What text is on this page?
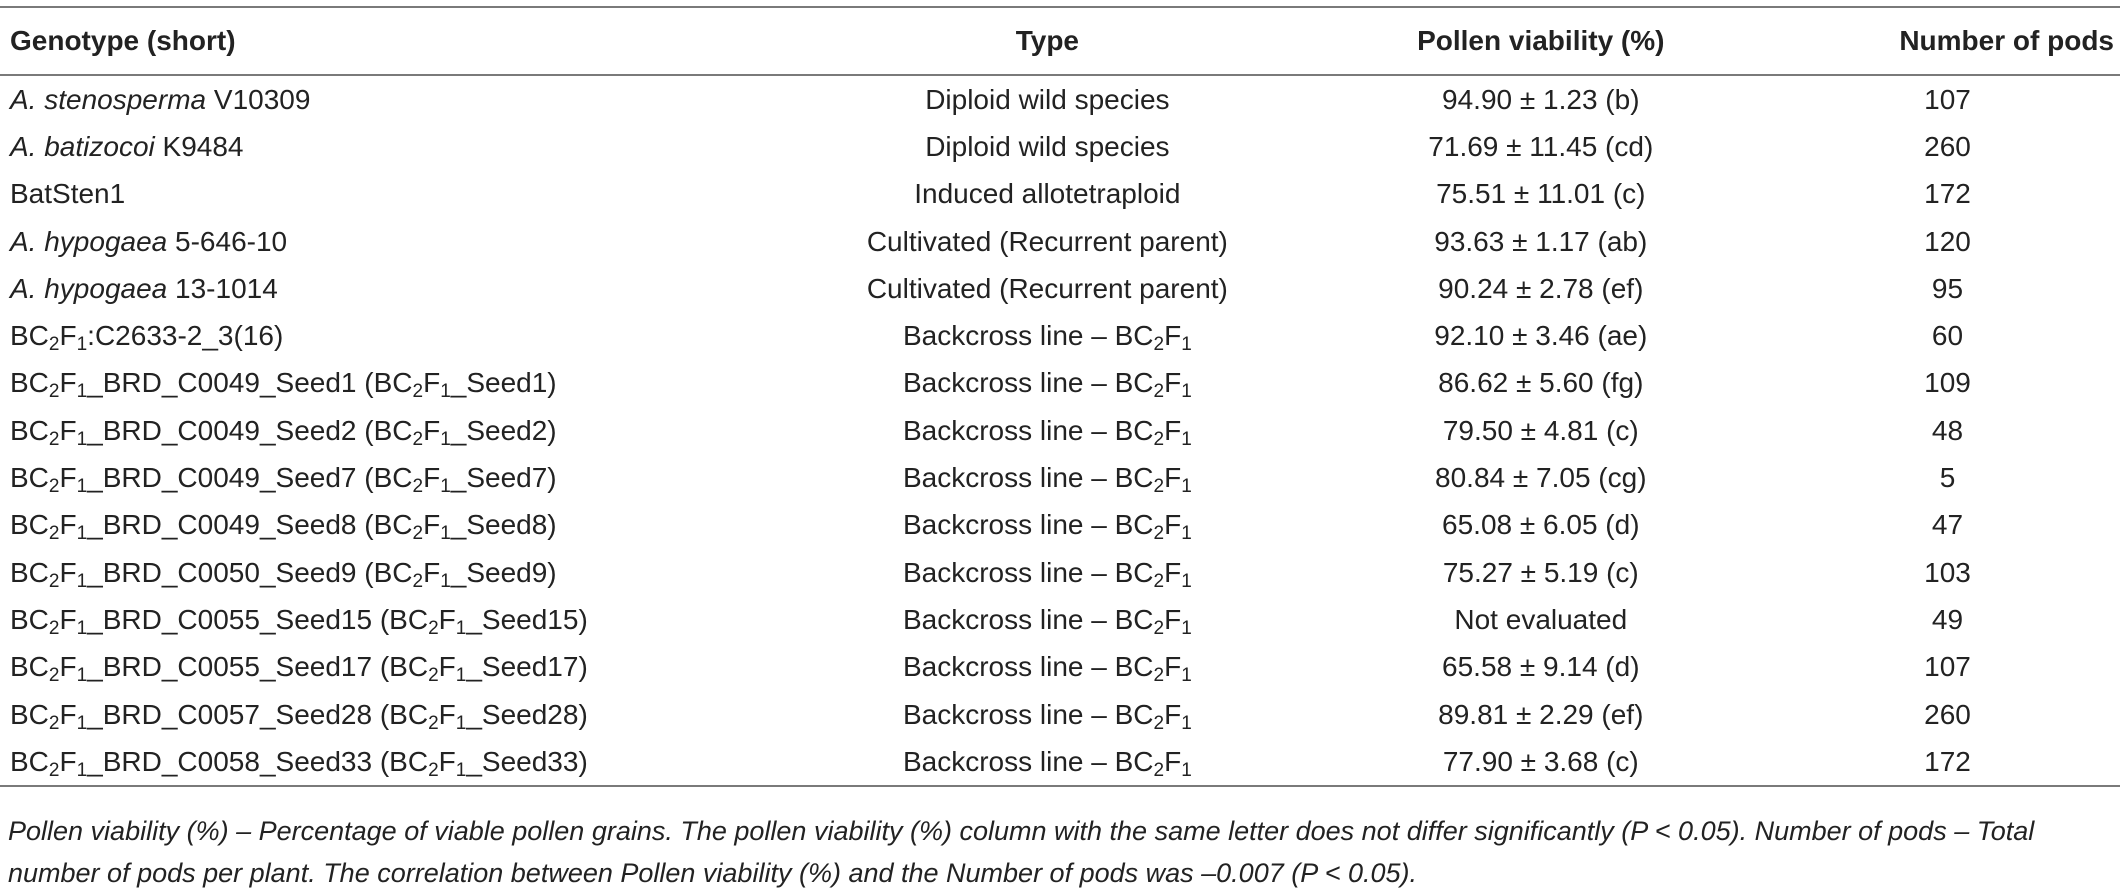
Genotype (short)	Type	Pollen viability (%)	Number of pods
A. stenosperma V10309	Diploid wild species	94.90 ± 1.23 (b)	107
A. batizocoi K9484	Diploid wild species	71.69 ± 11.45 (cd)	260
BatSten1	Induced allotetraploid	75.51 ± 11.01 (c)	172
A. hypogaea 5-646-10	Cultivated (Recurrent parent)	93.63 ± 1.17 (ab)	120
A. hypogaea 13-1014	Cultivated (Recurrent parent)	90.24 ± 2.78 (ef)	95
$BC_2F_1:C2633-2\_3(16)$	Backcross line – $BC_2F_1$	92.10 ± 3.46 (ae)	60
$BC_2F_1\_BRD\_C0049\_Seed1$ $(BC_2F_1\_Seed1)$	Backcross line – $BC_2F_1$	86.62 ± 5.60 (fg)	109
$BC_2F_1\_BRD\_C0049\_Seed2$ $(BC_2F_1\_Seed2)$	Backcross line – $BC_2F_1$	79.50 ± 4.81 (c)	48
$BC_2F_1\_BRD\_C0049\_Seed7$ $(BC_2F_1\_Seed7)$	Backcross line – $BC_2F_1$	80.84 ± 7.05 (cg)	5
$BC_2F_1\_BRD\_C0049\_Seed8$ $(BC_2F_1\_Seed8)$	Backcross line – $BC_2F_1$	65.08 ± 6.05 (d)	47
$BC_2F_1\_BRD\_C0050\_Seed9$ $(BC_2F_1\_Seed9)$	Backcross line – $BC_2F_1$	75.27 ± 5.19 (c)	103
$BC_2F_1\_BRD\_C0055\_Seed15$ $(BC_2F_1\_Seed15)$	Backcross line – $BC_2F_1$	Not evaluated	49
$BC_2F_1\_BRD\_C0055\_Seed17$ $(BC_2F_1\_Seed17)$	Backcross line – $BC_2F_1$	65.58 ± 9.14 (d)	107
$BC_2F_1\_BRD\_C0057\_Seed28$ $(BC_2F_1\_Seed28)$	Backcross line – $BC_2F_1$	89.81 ± 2.29 (ef)	260
$BC_2F_1\_BRD\_C0058\_Seed33$ $(BC_2F_1\_Seed33)$	Backcross line – $BC_2F_1$	77.90 ± 3.68 (c)	172
Pollen viability (%) – Percentage of viable pollen grains. The pollen viability (%) column with the same letter does not differ significantly (P < 0.05). Number of pods – Total number of pods per plant. The correlation between Pollen viability (%) and the Number of pods was –0.007 (P < 0.05).
